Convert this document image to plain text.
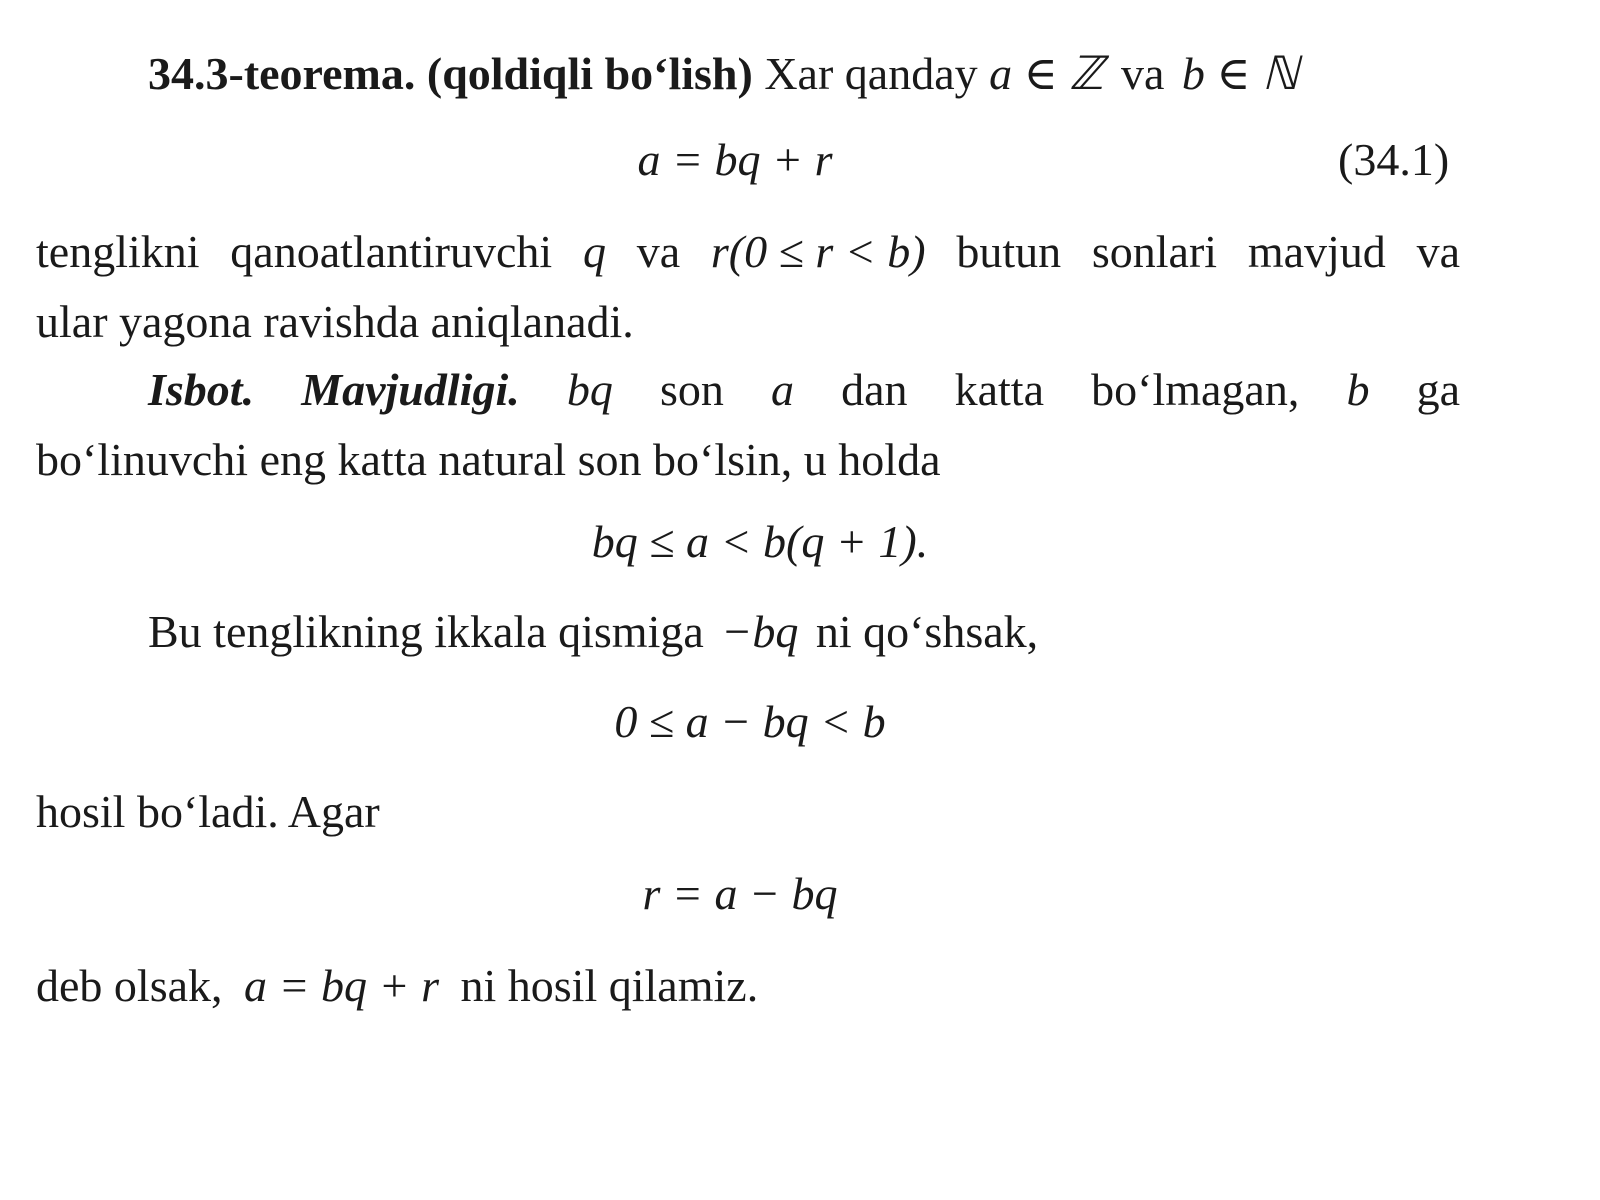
34.3-teorema. (qoldiqli bo‘lish) Xar qanday a ∈ ℤ va b ∈ ℕ
a = bq + r	(34.1)
tenglikni qanoatlantiruvchi q va r(0 ≤ r < b) butun sonlari mavjud va
ular yagona ravishda aniqlanadi.
Isbot. Mavjudligi. bq son a dan katta bo‘lmagan, b ga
bo‘linuvchi eng katta natural son bo‘lsin, u holda
bq ≤ a < b(q + 1).
Bu tenglikning ikkala qismiga −bq ni qo‘shsak,
0 ≤ a − bq < b
hosil bo‘ladi. Agar
r = a − bq
deb olsak, a = bq + r ni hosil qilamiz.
